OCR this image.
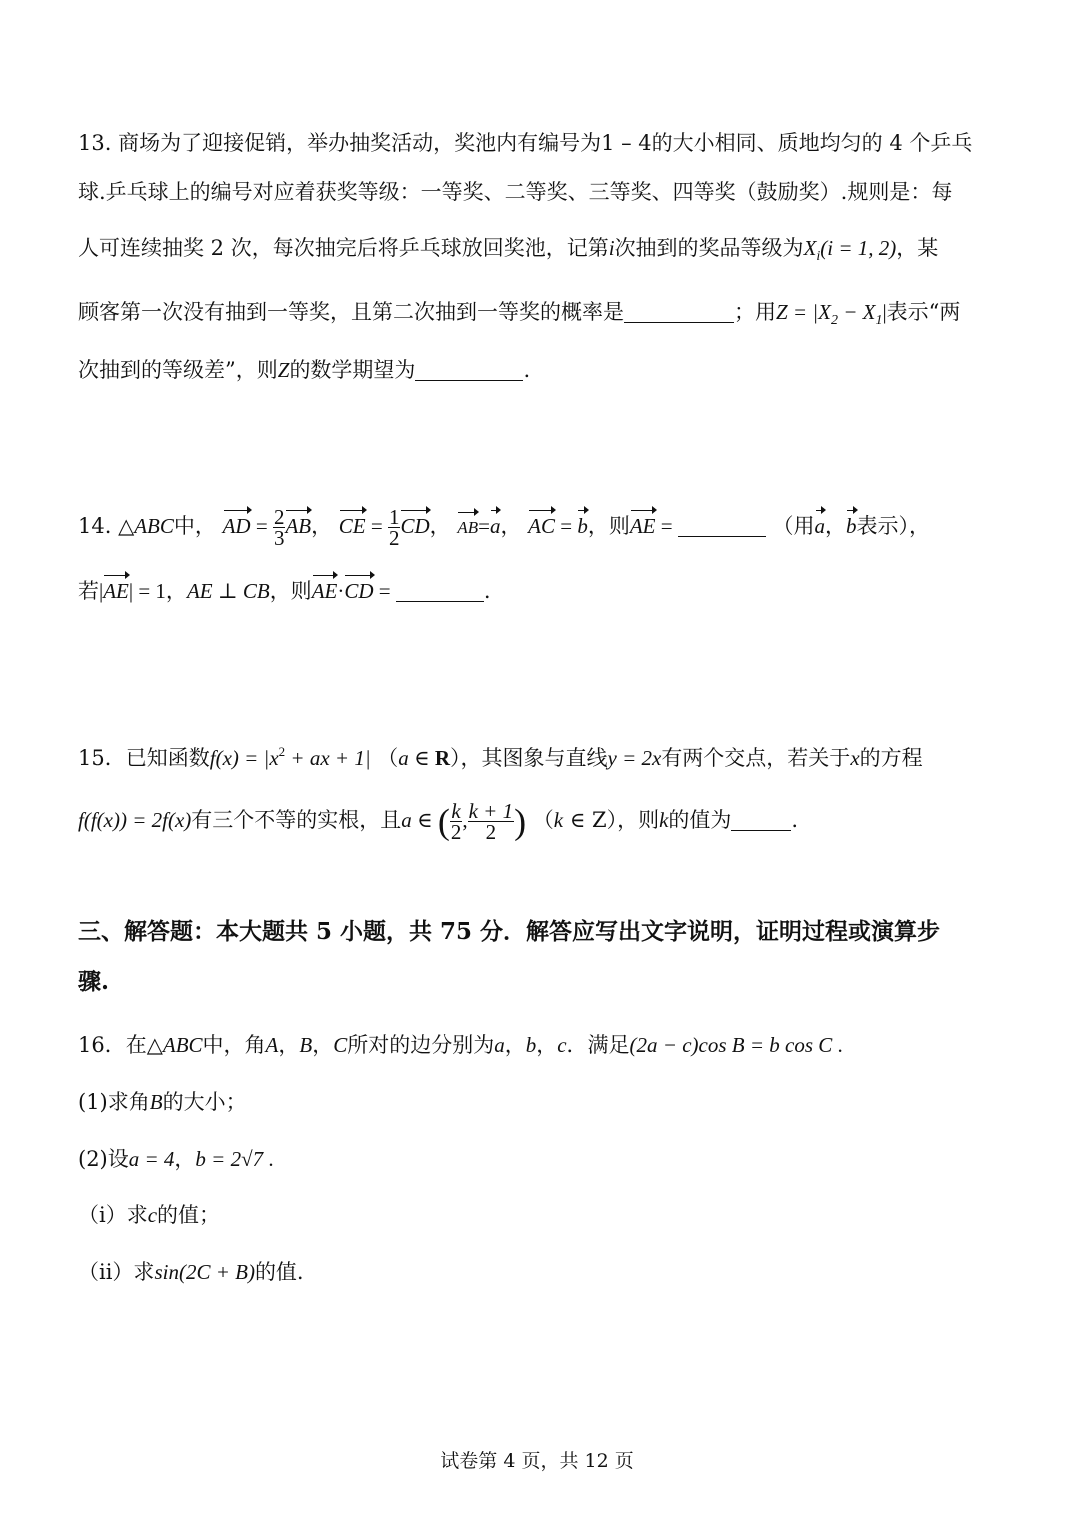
13. 商场为了迎接促销，举办抽奖活动，奖池内有编号为1 – 4的大小相同、质地均匀的 4 个乒乓
球.乒乓球上的编号对应着获奖等级：一等奖、二等奖、三等奖、四等奖（鼓励奖）.规则是：每
人可连续抽奖 2 次，每次抽完后将乒乓球放回奖池，记第i次抽到的奖品等级为$X_i(i = 1$, 2)，某
顾客第一次没有抽到一等奖，且第二次抽到一等奖的概率是	；用$Z = |X_2 - X_1|$表示“两
次抽到的等级差”，则Z的数学期望为	.
14. △ABC中， AD = $\frac{2}{3}$ AB， CE = $\frac{1}{2}$ CD， AB=a， AC = b，则AE =	（用a，b表示），
若|AE| = 1，AE ⊥ CB，则AE·CD =	.
15．已知函数$f(x) = |x^2$ + ax + 1| （a ∈ R），其图象与直线y = 2x有两个交点，若关于x的方程
f(f(x)) = 2f(x)有三个不等的实根，且a ∈ ( $\frac{k}{2}$ , $\frac{k + 1}{2}$ ) （k ∈ Z），则k的值为	.
三、解答题：本大题共 5 小题，共 75 分．解答应写出文字说明，证明过程或演算步
骤.
16．在△ABC中，角A，B，C所对的边分别为a，b，c．满足(2a − c)cos B = b cos C .
(1)求角B的大小；
(2)设a = 4，b = 2√7 .
（i）求c的值；
（ii）求sin(2C + B)的值.
试卷第 4 页，共 12 页
